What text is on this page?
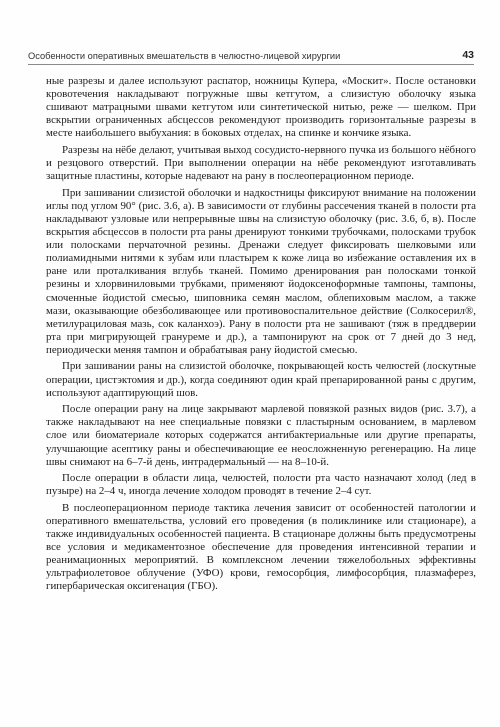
Особенности оперативных вмешательств в челюстно-лицевой хирургии	43

ные разрезы и далее используют распатор, ножницы Купера, «Москит». После остановки кровотечения накладывают погружные швы кетгутом, а слизистую оболочку языка сшивают матрацными швами кетгутом или синтетической нитью, реже — шелком. При вскрытии ограниченных абсцессов рекомендуют производить горизонтальные разрезы в месте наибольшего выбухания: в боковых отделах, на спинке и кончике языка.

Разрезы на нёбе делают, учитывая выход сосудисто-нервного пучка из большого нёбного и резцового отверстий. При выполнении операции на нёбе рекомендуют изготавливать защитные пластины, которые надевают на рану в послеоперационном периоде.

При зашивании слизистой оболочки и надкостницы фиксируют внимание на положении иглы под углом 90° (рис. 3.6, а). В зависимости от глубины рассечения тканей в полости рта накладывают узловые или непрерывные швы на слизистую оболочку (рис. 3.6, б, в). После вскрытия абсцессов в полости рта раны дренируют тонкими трубочками, полосками трубок или полосками перчаточной резины. Дренажи следует фиксировать шелковыми или полиамидными нитями к зубам или пластырем к коже лица во избежание оставления их в ране или проталкивания вглубь тканей. Помимо дренирования ран полосками тонкой резины и хлорвиниловыми трубками, применяют йодоксеноформные тампоны, тампоны, смоченные йодистой смесью, шиповника семян маслом, облепиховым маслом, а также мази, оказывающие обезболивающее или противовоспалительное действие (Солкосерил®, метилурациловая мазь, сок каланхоэ). Рану в полости рта не зашивают (тяж в преддверии рта при мигрирующей грануреме и др.), а тампонируют на срок от 7 дней до 3 нед, периодически меняя тампон и обрабатывая рану йодистой смесью.

При зашивании раны на слизистой оболочке, покрывающей кость челюстей (лоскутные операции, цистэктомия и др.), когда соединяют один край препарированной раны с другим, используют адаптирующий шов.

После операции рану на лице закрывают марлевой повязкой разных видов (рис. 3.7), а также накладывают на нее специальные повязки с пластырным основанием, в марлевом слое или биоматериале которых содержатся антибактериальные или другие препараты, улучшающие асептику раны и обеспечивающие ее неосложненную регенерацию. На лице швы снимают на 6–7-й день, интрадермальный — на 8–10-й.

После операции в области лица, челюстей, полости рта часто назначают холод (лед в пузыре) на 2–4 ч, иногда лечение холодом проводят в течение 2–4 сут.

В послеоперационном периоде тактика лечения зависит от особенностей патологии и оперативного вмешательства, условий его проведения (в поликлинике или стационаре), а также индивидуальных особенностей пациента. В стационаре должны быть предусмотрены все условия и медикаментозное обеспечение для проведения интенсивной терапии и реанимационных мероприятий. В комплексном лечении тяжелобольных эффективны ультрафиолетовое облучение (УФО) крови, гемосорбция, лимфосорбция, плазмаферез, гипербарическая оксигенация (ГБО).
